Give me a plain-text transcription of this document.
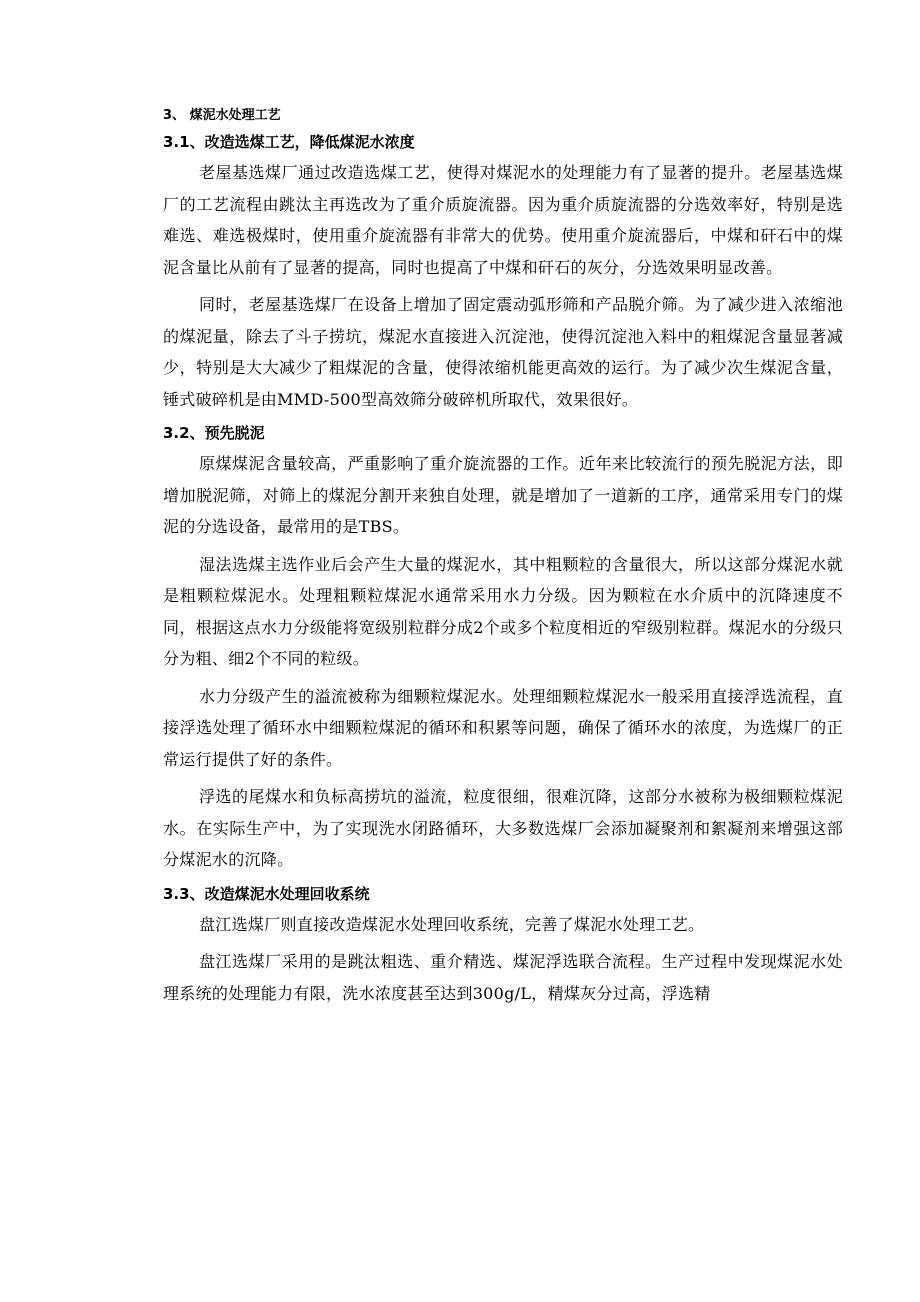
3、 煤泥水处理工艺
3.1、改造选煤工艺，降低煤泥水浓度

老屋基选煤厂通过改造选煤工艺，使得对煤泥水的处理能力有了显著的提升。老屋基选煤厂的工艺流程由跳汰主再选改为了重介质旋流器。因为重介质旋流器的分选效率好，特别是选难选、难选极煤时，使用重介旋流器有非常大的优势。使用重介旋流器后，中煤和矸石中的煤泥含量比从前有了显著的提高，同时也提高了中煤和矸石的灰分，分选效果明显改善。

同时，老屋基选煤厂在设备上增加了固定震动弧形筛和产品脱介筛。为了减少进入浓缩池的煤泥量，除去了斗子捞坑，煤泥水直接进入沉淀池，使得沉淀池入料中的粗煤泥含量显著减少，特别是大大减少了粗煤泥的含量，使得浓缩机能更高效的运行。为了减少次生煤泥含量，锤式破碎机是由MMD-500型高效筛分破碎机所取代，效果很好。

3.2、预先脱泥

原煤煤泥含量较高，严重影响了重介旋流器的工作。近年来比较流行的预先脱泥方法，即增加脱泥筛，对筛上的煤泥分割开来独自处理，就是增加了一道新的工序，通常采用专门的煤泥的分选设备，最常用的是TBS。

湿法选煤主选作业后会产生大量的煤泥水，其中粗颗粒的含量很大，所以这部分煤泥水就是粗颗粒煤泥水。处理粗颗粒煤泥水通常采用水力分级。因为颗粒在水介质中的沉降速度不同，根据这点水力分级能将宽级别粒群分成2个或多个粒度相近的窄级别粒群。煤泥水的分级只分为粗、细2个不同的粒级。

水力分级产生的溢流被称为细颗粒煤泥水。处理细颗粒煤泥水一般采用直接浮选流程，直接浮选处理了循环水中细颗粒煤泥的循环和积累等问题，确保了循环水的浓度，为选煤厂的正常运行提供了好的条件。

浮选的尾煤水和负标高捞坑的溢流，粒度很细，很难沉降，这部分水被称为极细颗粒煤泥水。在实际生产中，为了实现洗水闭路循环，大多数选煤厂会添加凝聚剂和絮凝剂来增强这部分煤泥水的沉降。

3.3、改造煤泥水处理回收系统

盘江选煤厂则直接改造煤泥水处理回收系统，完善了煤泥水处理工艺。

盘江选煤厂采用的是跳汰粗选、重介精选、煤泥浮选联合流程。生产过程中发现煤泥水处理系统的处理能力有限，洗水浓度甚至达到300g/L，精煤灰分过高，浮选精
